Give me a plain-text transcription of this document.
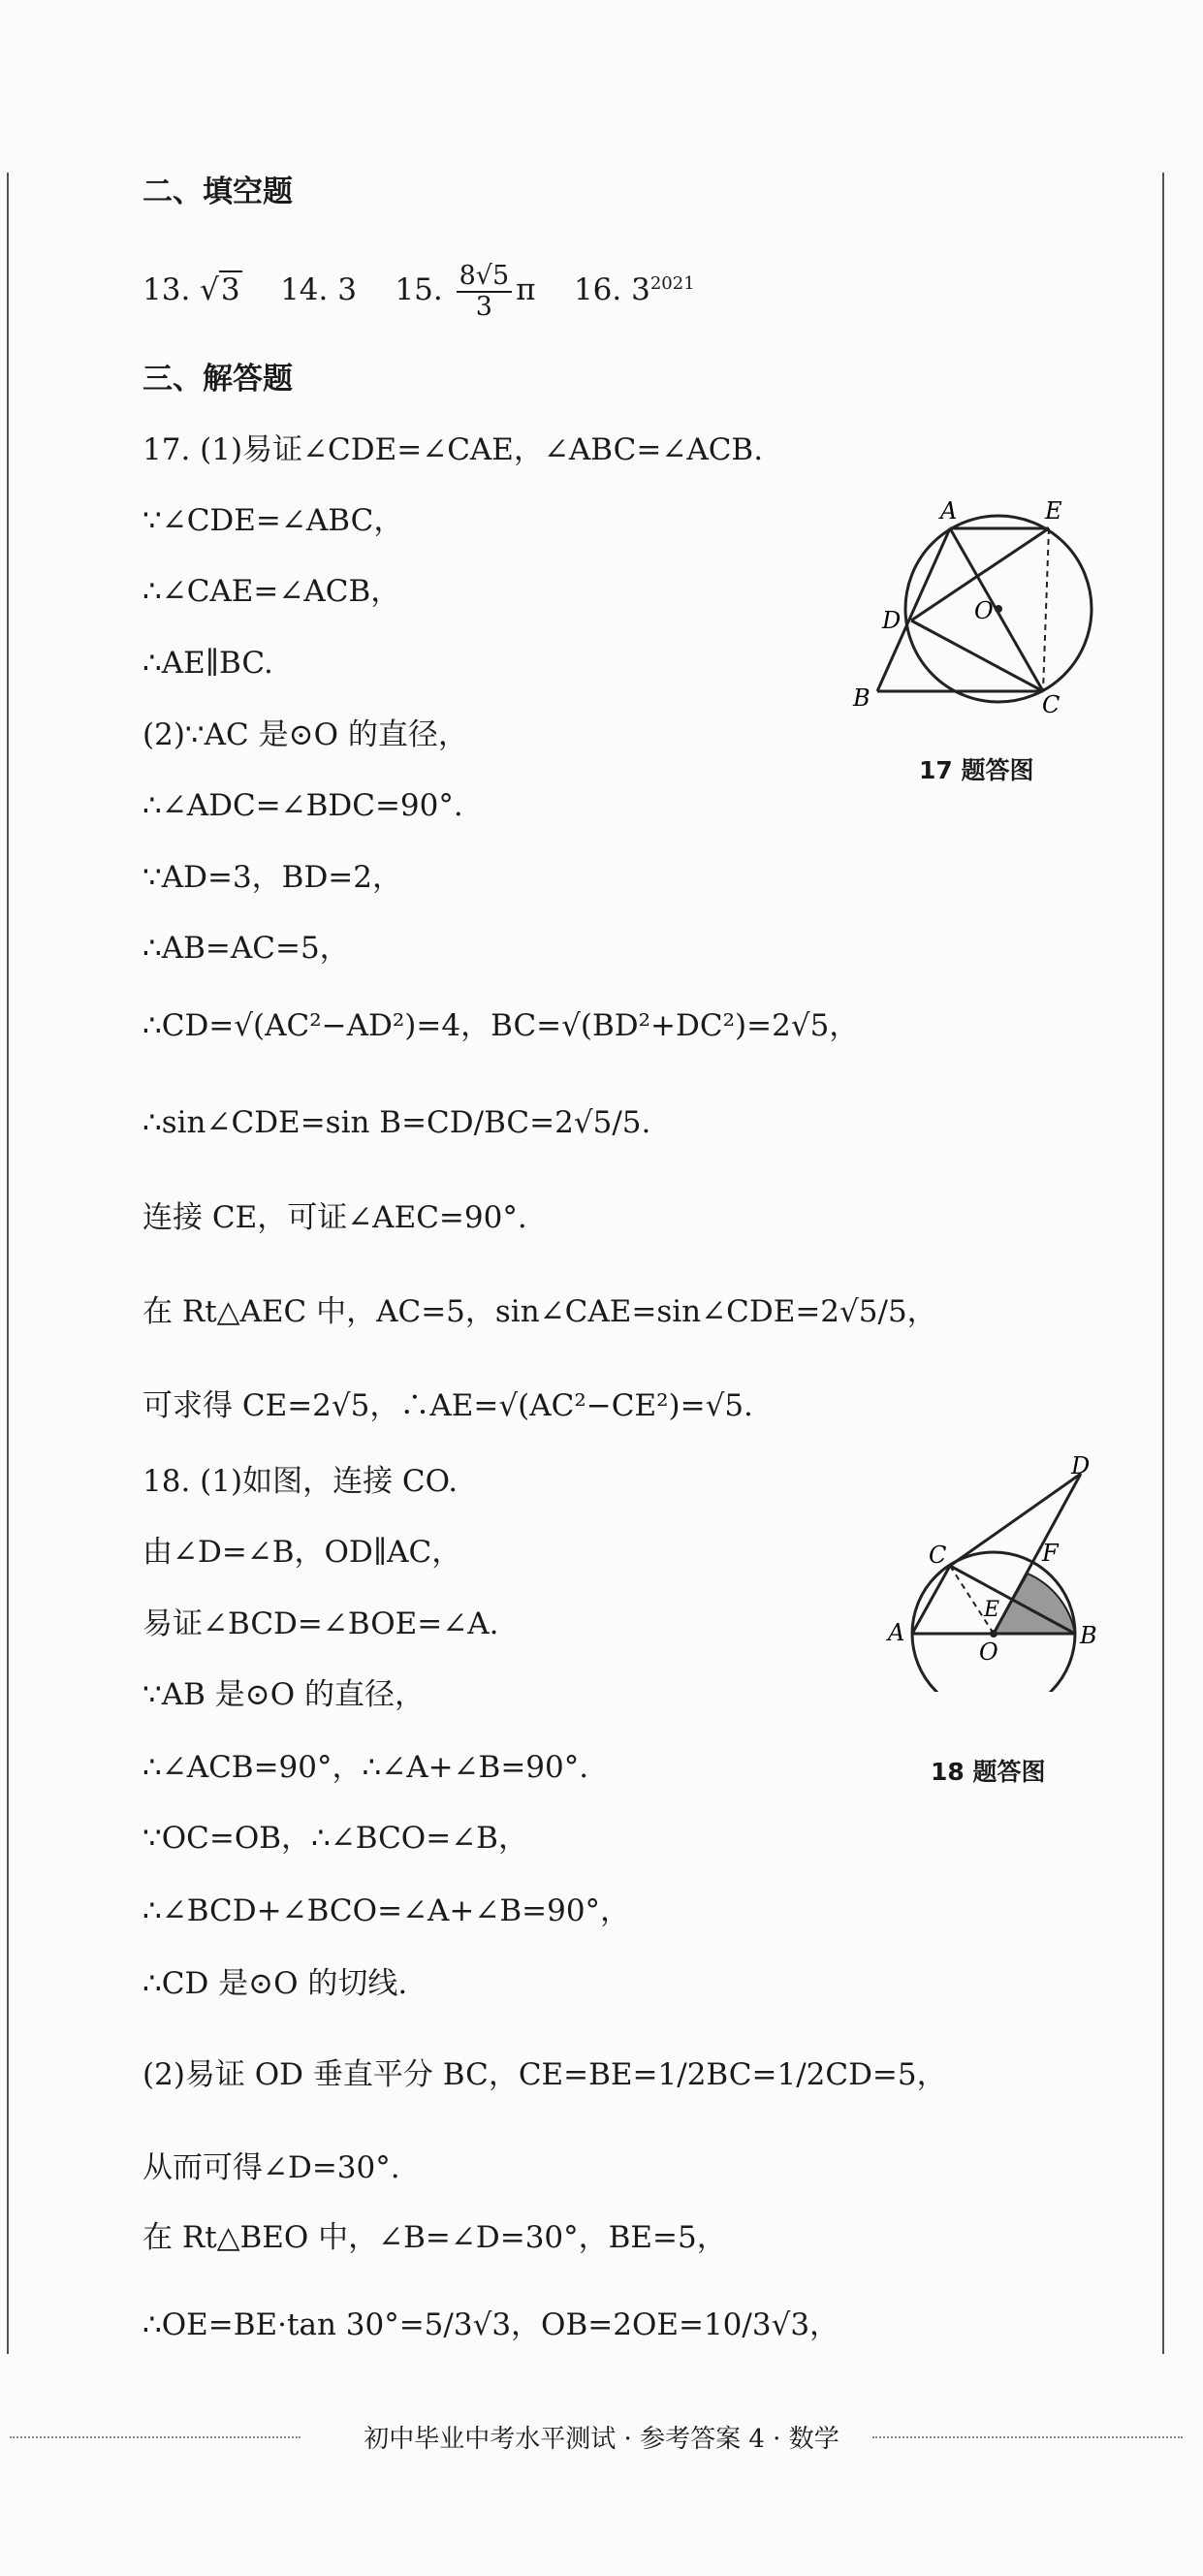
二、填空题
13. √3 14. 3 15. $\frac{8√5}{3}$ π 16. $3^{2021}$
三、解答题
17. (1)易证∠CDE=∠CAE，∠ABC=∠ACB.
∵∠CDE=∠ABC，
∴∠CAE=∠ACB，
∴AE∥BC.
(2)∵AC 是⊙O 的直径，
∴∠ADC=∠BDC=90°.
∵AD=3，BD=2，
∴AB=AC=5，
∴CD=√(AC²−AD²)=4，BC=√(BD²+DC²)=2√5，
∴sin∠CDE=sin B=CD/BC=2√5/5.
连接 CE，可证∠AEC=90°.
在 Rt△AEC 中，AC=5，sin∠CAE=sin∠CDE=2√5/5，
可求得 CE=2√5，∴AE=√(AC²−CE²)=√5.
18. (1)如图，连接 CO.
由∠D=∠B，OD∥AC，
易证∠BCD=∠BOE=∠A.
∵AB 是⊙O 的直径，
∴∠ACB=90°，∴∠A+∠B=90°.
∵OC=OB，∴∠BCO=∠B，
∴∠BCD+∠BCO=∠A+∠B=90°，
∴CD 是⊙O 的切线.
(2)易证 OD 垂直平分 BC，CE=BE=1/2BC=1/2CD=5，
从而可得∠D=30°.
在 Rt△BEO 中，∠B=∠D=30°，BE=5，
∴OE=BE·tan 30°=5/3√3，OB=2OE=10/3√3，
A	E
D	O
B	C
17 题答图
D
C	F
E
A
O
B
18 题答图
初中毕业中考水平测试 · 参考答案 4 · 数学
